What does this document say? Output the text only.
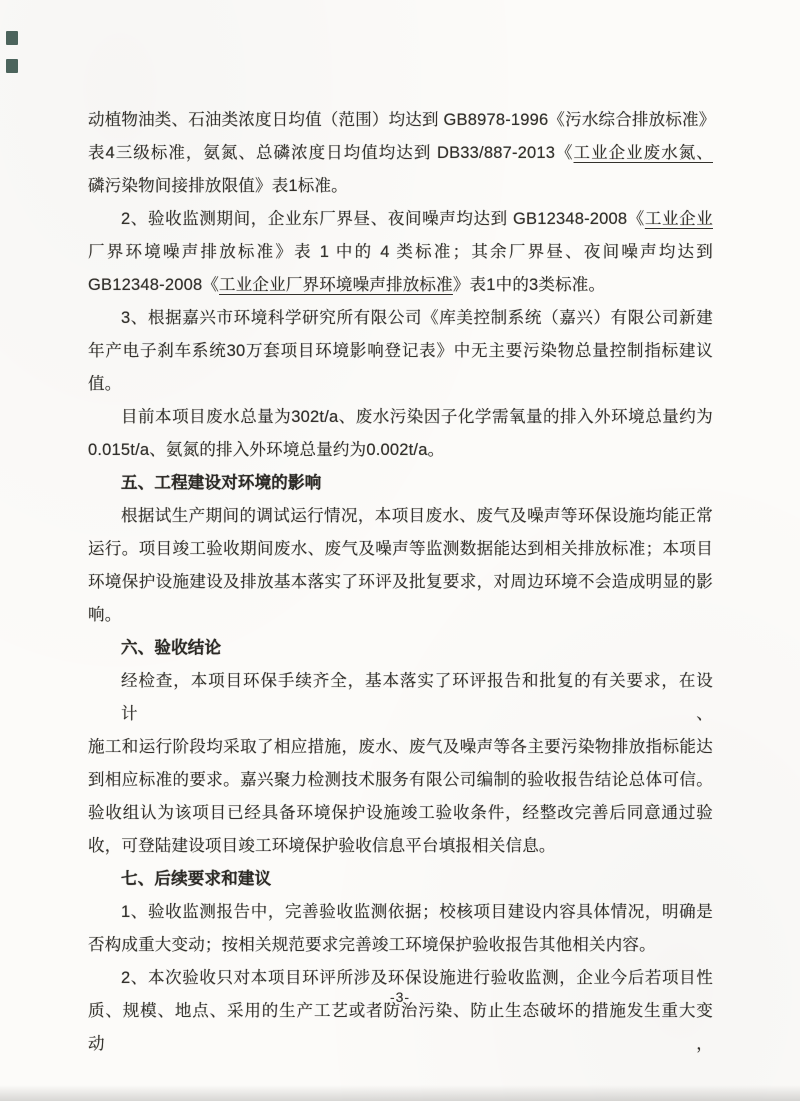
动植物油类、石油类浓度日均值（范围）均达到 GB8978-1996《污水综合排放标准》
表4三级标准，氨氮、总磷浓度日均值均达到 DB33/887-2013《工业企业废水氮、
磷污染物间接排放限值》表1标准。
2、验收监测期间，企业东厂界昼、夜间噪声均达到 GB12348-2008《工业企业
厂界环境噪声排放标准》表 1 中的 4 类标准；其余厂界昼、夜间噪声均达到
GB12348-2008《工业企业厂界环境噪声排放标准》表1中的3类标准。
3、根据嘉兴市环境科学研究所有限公司《库美控制系统（嘉兴）有限公司新建
年产电子刹车系统30万套项目环境影响登记表》中无主要污染物总量控制指标建议
值。
目前本项目废水总量为302t/a、废水污染因子化学需氧量的排入外环境总量约为
0.015t/a、氨氮的排入外环境总量约为0.002t/a。
五、工程建设对环境的影响
根据试生产期间的调试运行情况，本项目废水、废气及噪声等环保设施均能正常
运行。项目竣工验收期间废水、废气及噪声等监测数据能达到相关排放标准；本项目
环境保护设施建设及排放基本落实了环评及批复要求，对周边环境不会造成明显的影
响。
六、验收结论
经检查，本项目环保手续齐全，基本落实了环评报告和批复的有关要求，在设计、
施工和运行阶段均采取了相应措施，废水、废气及噪声等各主要污染物排放指标能达
到相应标准的要求。嘉兴聚力检测技术服务有限公司编制的验收报告结论总体可信。
验收组认为该项目已经具备环境保护设施竣工验收条件，经整改完善后同意通过验
收，可登陆建设项目竣工环境保护验收信息平台填报相关信息。
七、后续要求和建议
1、验收监测报告中，完善验收监测依据；校核项目建设内容具体情况，明确是
否构成重大变动；按相关规范要求完善竣工环境保护验收报告其他相关内容。
2、本次验收只对本项目环评所涉及环保设施进行验收监测，企业今后若项目性
质、规模、地点、采用的生产工艺或者防治污染、防止生态破坏的措施发生重大变动，
-3-
